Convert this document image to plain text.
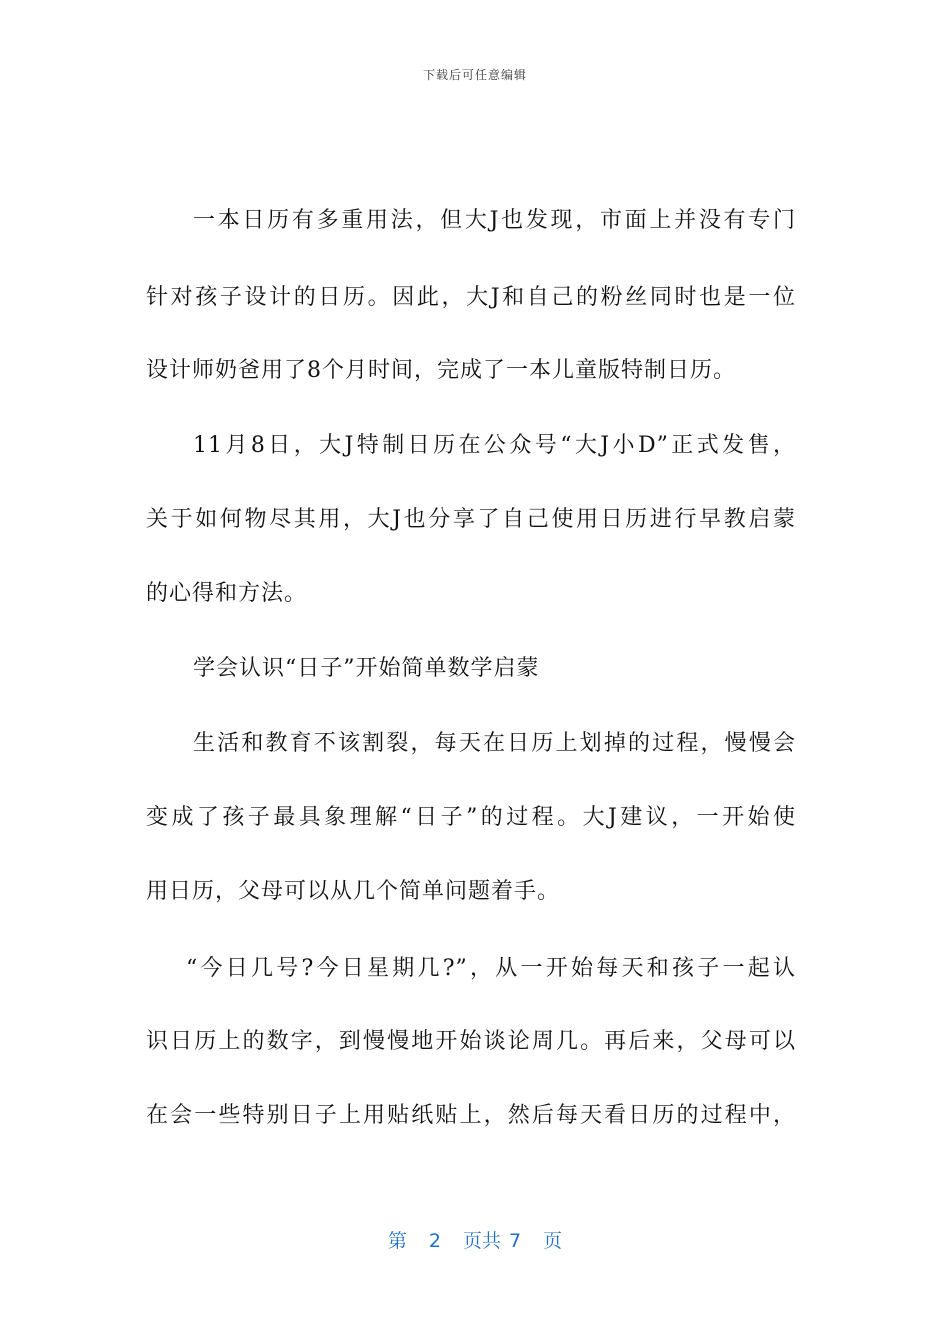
下载后可任意编辑
一本日历有多重用法，但大J也发现，市面上并没有专门
针对孩子设计的日历。因此，大J和自己的粉丝同时也是一位
设计师奶爸用了8个月时间，完成了一本儿童版特制日历。
11月8日，大J特制日历在公众号“大J小D”正式发售，
关于如何物尽其用，大J也分享了自己使用日历进行早教启蒙
的心得和方法。
学会认识“日子”开始简单数学启蒙
生活和教育不该割裂，每天在日历上划掉的过程，慢慢会
变成了孩子最具象理解“日子”的过程。大J建议，一开始使
用日历，父母可以从几个简单问题着手。
“今日几号?今日星期几?”，从一开始每天和孩子一起认
识日历上的数字，到慢慢地开始谈论周几。再后来，父母可以
在会一些特别日子上用贴纸贴上，然后每天看日历的过程中，
第 2 页共 7 页
